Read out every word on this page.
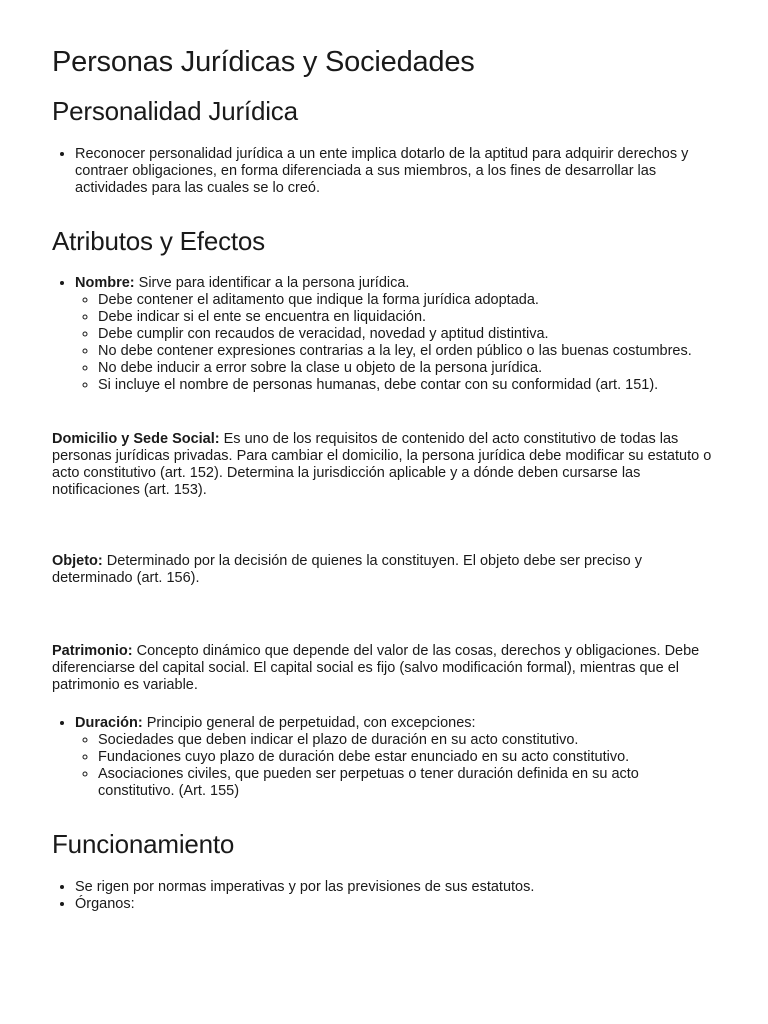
Personas Jurídicas y Sociedades
Personalidad Jurídica
• Reconocer personalidad jurídica a un ente implica dotarlo de la aptitud para adquirir derechos y contraer obligaciones, en forma diferenciada a sus miembros, a los fines de desarrollar las actividades para las cuales se lo creó.
Atributos y Efectos
• Nombre: Sirve para identificar a la persona jurídica.
◦ Debe contener el aditamento que indique la forma jurídica adoptada.
◦ Debe indicar si el ente se encuentra en liquidación.
◦ Debe cumplir con recaudos de veracidad, novedad y aptitud distintiva.
◦ No debe contener expresiones contrarias a la ley, el orden público o las buenas costumbres.
◦ No debe inducir a error sobre la clase u objeto de la persona jurídica.
◦ Si incluye el nombre de personas humanas, debe contar con su conformidad (art. 151).

Domicilio y Sede Social: Es uno de los requisitos de contenido del acto constitutivo de todas las personas jurídicas privadas. Para cambiar el domicilio, la persona jurídica debe modificar su estatuto o acto constitutivo (art. 152). Determina la jurisdicción aplicable y a dónde deben cursarse las notificaciones (art. 153).

Objeto: Determinado por la decisión de quienes la constituyen. El objeto debe ser preciso y determinado (art. 156).

Patrimonio: Concepto dinámico que depende del valor de las cosas, derechos y obligaciones. Debe diferenciarse del capital social. El capital social es fijo (salvo modificación formal), mientras que el patrimonio es variable.

• Duración: Principio general de perpetuidad, con excepciones:
◦ Sociedades que deben indicar el plazo de duración en su acto constitutivo.
◦ Fundaciones cuyo plazo de duración debe estar enunciado en su acto constitutivo.
◦ Asociaciones civiles, que pueden ser perpetuas o tener duración definida en su acto constitutivo. (Art. 155)
Funcionamiento
• Se rigen por normas imperativas y por las previsiones de sus estatutos.
• Órganos:
